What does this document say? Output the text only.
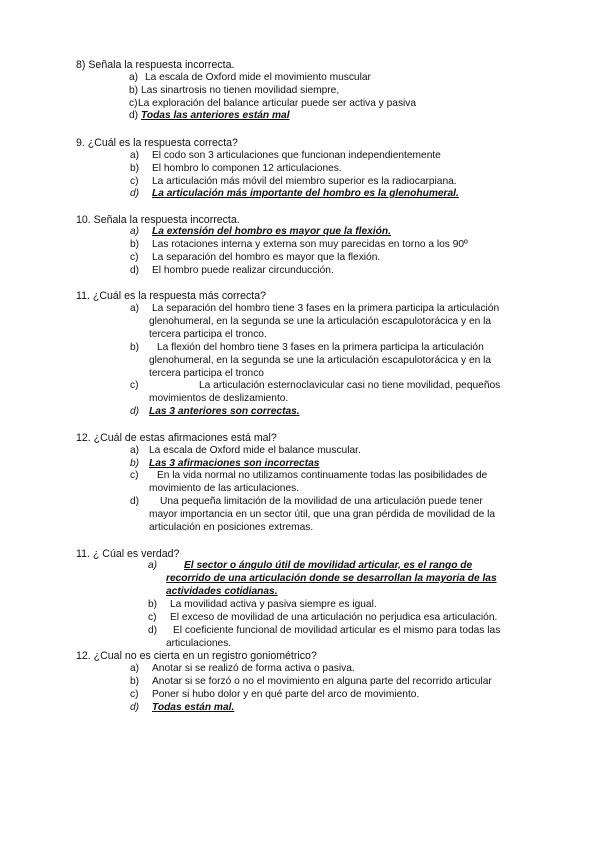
8) Señala la respuesta incorrecta.
a) La escala de Oxford mide el movimiento muscular
b) Las sinartrosis no tienen movilidad siempre,
c) La exploración del balance articular puede ser activa y pasiva
d) Todas las anteriores están mal
9. ¿Cuál es la respuesta correcta?
a) El codo son 3 articulaciones que funcionan independientemente
b) El hombro lo componen 12 articulaciones.
c) La articulación más móvil del miembro superior es la radiocarpiana.
d) La articulación más importante del hombro es la glenohumeral.
10. Señala la respuesta incorrecta.
a) La extensión del hombro es mayor que la flexión.
b) Las rotaciones interna y externa son muy parecidas en torno a los 90º
c) La separación del hombro es mayor que la flexión.
d) El hombro puede realizar circunducción.
11. ¿Cuál es la respuesta más correcta?
a) La separación del hombro tiene 3 fases en la primera participa la articulación
glenohumeral, en la segunda se une la articulación escapulotorácica y en la
tercera participa el tronco.
b) La flexión del hombro tiene 3 fases en la primera participa la articulación
glenohumeral, en la segunda se une la articulación escapulotorácica y en la
tercera participa el tronco
c)	La articulación esternoclavicular casi no tiene movilidad, pequeños
movimientos de deslizamiento.
d) Las 3 anteriores son correctas.
12. ¿Cuál de estas afirmaciones está mal?
a) La escala de Oxford mide el balance muscular.
b) Las 3 afirmaciones son incorrectas
c) En la vida normal no utilizamos continuamente todas las posibilidades de
movimiento de las articulaciones.
d) Una pequeña limitación de la movilidad de una articulación puede tener
mayor importancia en un sector útil, que una gran pérdida de movilidad de la
articulación en posiciones extremas.
11. ¿ Cúal es verdad?
a)	El sector o ángulo útil de movilidad articular, es el rango de
recorrido de una articulación donde se desarrollan la mayoria de las
actividades cotidianas.
b) La movilidad activa y pasiva siempre es igual.
c) El exceso de movilidad de una articulación no perjudica esa articulación.
d) El coeficiente funcional de movilidad articular es el mismo para todas las
articulaciones.
12. ¿Cual no es cierta en un registro goniométrico?
a) Anotar si se realizó de forma activa o pasiva.
b) Anotar si se forzó o no el movimiento en alguna parte del recorrido articular
c) Poner si hubo dolor y en qué parte del arco de movimiento.
d) Todas están mal.
